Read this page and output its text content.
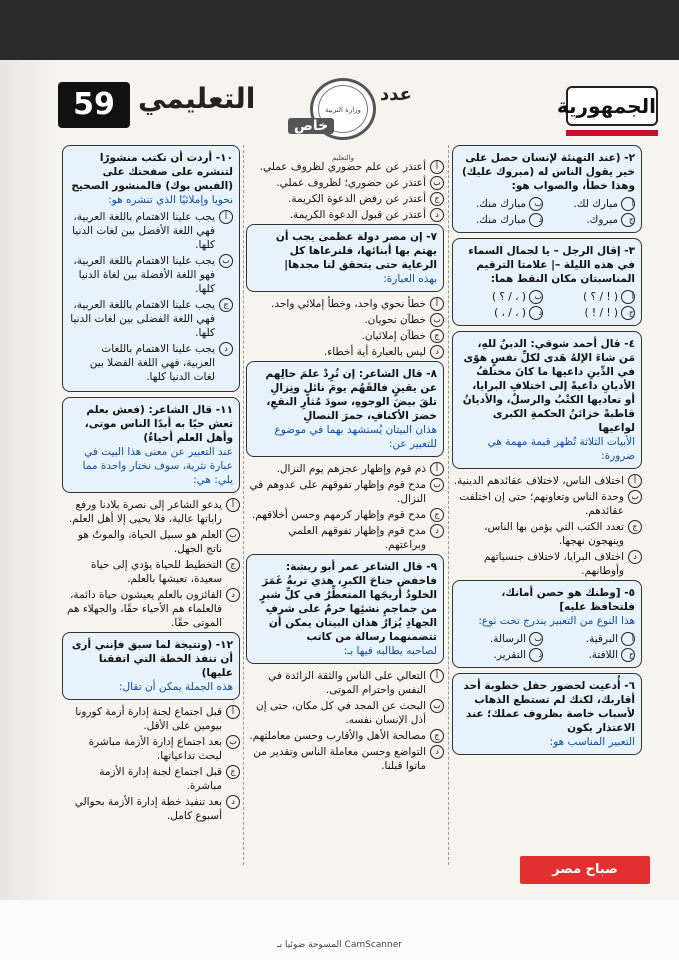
59 التعليمي	وزارة التربية والتعليم
عدد
خاص
الجمهورية
٢- (عند التهنئة لإنسان حصل على خير يقول الناس له (مبروك عليك) وهذا خطأ، والصواب هو:
أ
مبارك لك.
ب
مبارك منك.
ج
مبروك.
د
مبارك منك.
٣- إقال الرجل – يا لجمال السماء في هذه الليلة –| علامتا الترقيم المناسبتان مكان النقط هما:
أ
( ! / ؟ )
ب
( ، / ؟ )
ج
( ! / ! )
د
( ، / ، )
٤- قال أحمد شوقي: الدينُ للهِ، مَن شاءَ الإلهُ هَدى لكلِّ نفسٍ هوًى في الدِّينِ داعيها ما كانَ مختلفُ الأديانِ داعيةً إلى اختلافِ البرايا، أو تعاديها الكتْبُ والرسلُ، والأديانُ قاطبةً خزائنُ الحكمةِ الكبرى لواعيها
الأبيات الثلاثة تُظهر قيمة مهمة هي ضرورة:
أ
اختلاف الناس، لاختلاف عقائدهم الدينية.
ب
وحدة الناس وتعاونهم؛ حتى إن اختلفت عقائدهم.
ج
تعدد الكتب التي يؤمن بها الناس، وينهجون نهجها.
د
اختلاف البرايا، لاختلاف جنسياتهم وأوطانهم.
٥- [وطنك هو حصن أمانك، فلتحافظ عليه]
هذا النوع من التعبير يندرج تحت نوع:
أ
البرقية.
ب
الرسالة.
ج
اللافتة.
د
التقرير.
٦- أُدعيت لحضور حفل خطوبة أحد أقاربك، لكنك لم تستطع الذهاب لأسباب خاصة بظروف عملك؛ عند الاعتذار يكون
التعبير المناسب هو:
أ
أعتذر عن علم حضوري لظروف عملي.
ب
أعتذر عن حضوري؛ لظروف عملي.
ج
أعتذر عن رفض الدعوة الكريمة.
د
أعتذر عن قبول الدعوة الكريمة.
٧- إن مصر دولة عظمى يجب أن يهتم بها أبنائها، فلنرعاها كل الرعاية حتى يتحقق لنا مجدها|
بهذه العبارة:
أ
خطأ نحوي واحد، وخطأ إملائي واحد.
ب
خطآن نحويان.
ج
خطآن إملائيان.
د
ليس بالعبارة أية أخطاء.
٨- قال الشاعر: إن تُرِدْ علمَ حالِهم عن يقينٍ فالقَهُم يومَ نائلٍ ونِزالِ تلقَ بيضَ الوجوهِ، سودَ مُثارِ النقعِ، خضرَ الأكنافِ، حمرَ النصالِ
هذان البيتان يُستشهد بهما في موضوع للتعبير عن:
أ
ذم قوم وإظهار عجزهم يوم النزال.
ب
مدح قوم وإظهار تفوقهم على عدوهم في النزال.
ج
مدح قوم وإظهار كرمهم وحسن أخلاقهم.
د
مدح قوم وإظهار تفوقهم العلمي وبراعتهم.
٩- قال الشاعر عمر أبو ريشة: فاخفض جناحَ الكبرِ، هذي تربةُ غَمَرَ الخلودُ أريجَها المتعطِّرُ في كلِّ شبرٍ من جماجمِ نشئِها حرمٌ على شرفِ الجهادِ يُزارُ هذان البيتان يمكن أن تتضمنهما رسالة من كاتب
لصاحبه يطالبه فيها بـ:
أ
التعالي على الناس والثقة الزائدة في النفس واحترام الموتى.
ب
البحث عن المجد في كل مكان، حتى إن أذل الإنسان نفسه.
ج
مصالحة الأهل والأقارب وحسن معاملتهم.
د
التواضع وحسن معاملة الناس وتقدير من ماتوا قبلنا.
١٠- أردت أن تكتب منشورًا لتنشره على صفحتك على (الفيس بوك) فالمنشور الصحيح
نحويا وإملائيًا الذي تنشره هو:
أ
يجب علينا الاهتمام باللغة العربية، فهي اللغة الأفضل بين لغات الدنيا كلها.
ب
يجب علينا الاهتمام باللغة العربية، فهو اللغة الأفضلة بين لغاة الدنيا كلها.
ج
يجب علينا الاهتمام باللغة العربية، فهي اللغة الفضلى بين لغات الدنيا كلها.
د
يجب علينا الاهتمام باللغات العربية، فهي اللغة الفضلا بين لغات الدنيا كلها.
١١- قال الشاعر: (فعش بعلم تعش حيًا به أبدًا الناس موتى، وأهل العلم أحياءُ)
عند التعبير عن معنى هذا البيت في عبارة نثرية، سوف نختار واحدة مما يلي: هي:
أ
يدعو الشاعر إلى نصرة بلادنا ورفع راياتها عالية، فلا يحيى إلا أهل العلم.
ب
العلم هو سبيل الحياة، والموتُ هو ناتج الجهل.
ج
التخطيط للحياة يؤدي إلى حياة سعيدة، تعيشها بالعلم.
د
الفائزون بالعلم يعيشون حياة دائمة، فالعلماء هم الأحياء حقًا، والجهلاء هم الموتى حقًا.
١٢- (وتتيجة لما سبق فإنني أرى أن تنفذ الخطة التي اتفقنا عليها)
هذه الجملة يمكن أن تقال:
أ
قبل اجتماع لجنة إدارة أزمة كورونا بيومين على الأقل.
ب
بعد اجتماع إدارة الأزمة مباشرة لبحث تداعياتها.
ج
قبل اجتماع لجنة إدارة الأزمة مباشرة.
د
بعد تنفيذ خطة إدارة الأزمة بحوالي أسبوع كامل.
صباح مصر
المسوحة ضوئيا بـ CamScanner
